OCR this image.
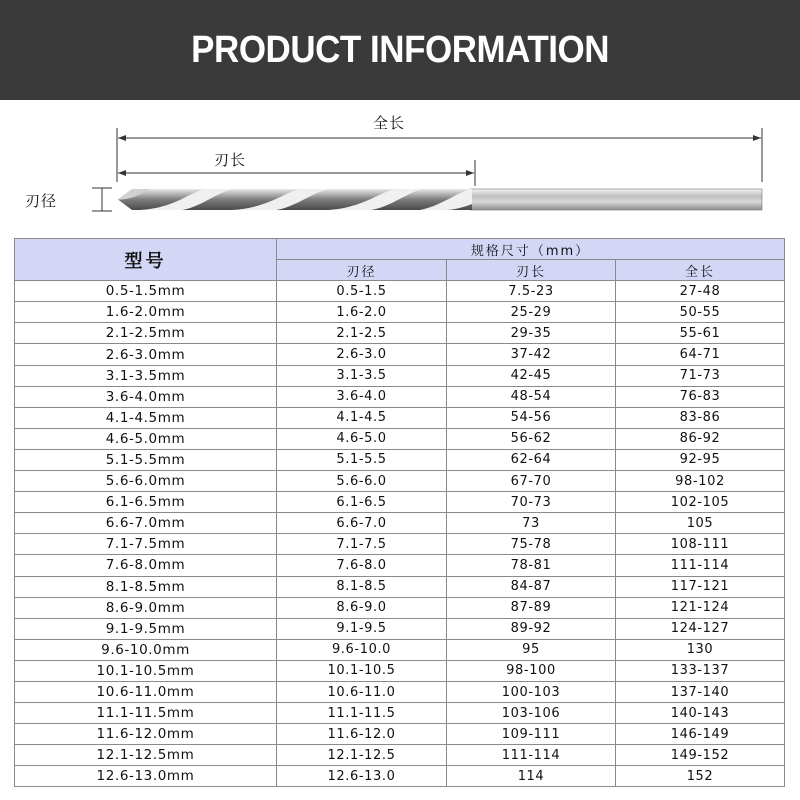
PRODUCT INFORMATION
全长
刃长
刃径
型号	规格尺寸（mm）		
	刃径	刃长	全长
0.5-1.5mm	0.5-1.5	7.5-23	27-48
1.6-2.0mm	1.6-2.0	25-29	50-55
2.1-2.5mm	2.1-2.5	29-35	55-61
2.6-3.0mm	2.6-3.0	37-42	64-71
3.1-3.5mm	3.1-3.5	42-45	71-73
3.6-4.0mm	3.6-4.0	48-54	76-83
4.1-4.5mm	4.1-4.5	54-56	83-86
4.6-5.0mm	4.6-5.0	56-62	86-92
5.1-5.5mm	5.1-5.5	62-64	92-95
5.6-6.0mm	5.6-6.0	67-70	98-102
6.1-6.5mm	6.1-6.5	70-73	102-105
6.6-7.0mm	6.6-7.0	73	105
7.1-7.5mm	7.1-7.5	75-78	108-111
7.6-8.0mm	7.6-8.0	78-81	111-114
8.1-8.5mm	8.1-8.5	84-87	117-121
8.6-9.0mm	8.6-9.0	87-89	121-124
9.1-9.5mm	9.1-9.5	89-92	124-127
9.6-10.0mm	9.6-10.0	95	130
10.1-10.5mm	10.1-10.5	98-100	133-137
10.6-11.0mm	10.6-11.0	100-103	137-140
11.1-11.5mm	11.1-11.5	103-106	140-143
11.6-12.0mm	11.6-12.0	109-111	146-149
12.1-12.5mm	12.1-12.5	111-114	149-152
12.6-13.0mm	12.6-13.0	114	152
